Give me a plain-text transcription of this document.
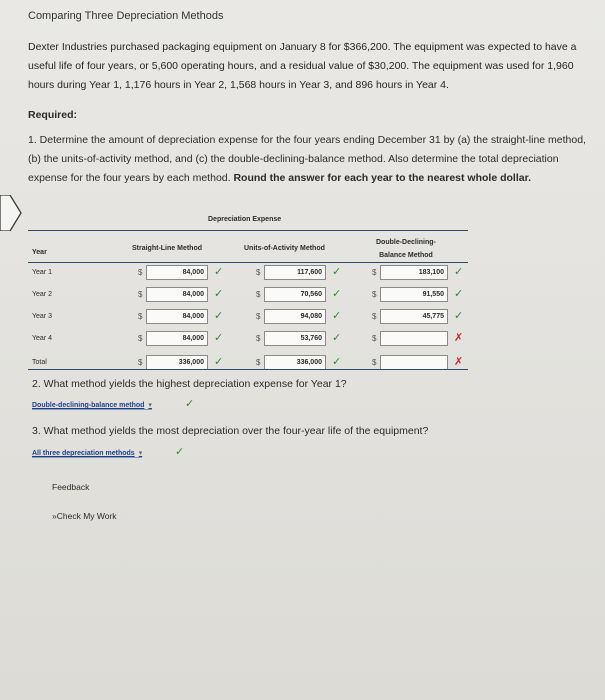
Comparing Three Depreciation Methods
Dexter Industries purchased packaging equipment on January 8 for $366,200. The equipment was expected to have a useful life of four years, or 5,600 operating hours, and a residual value of $30,200. The equipment was used for 1,960 hours during Year 1, 1,176 hours in Year 2, 1,568 hours in Year 3, and 896 hours in Year 4.
Required:
1. Determine the amount of depreciation expense for the four years ending December 31 by (a) the straight-line method, (b) the units-of-activity method, and (c) the double-declining-balance method. Also determine the total depreciation expense for the four years by each method. Round the answer for each year to the nearest whole dollar.
Depreciation Expense
Year
Straight-Line Method	Units-of-Activity Method
Double-Declining-
Balance Method
Year 1	$	84,000 ✓	$	117,600 ✓	$	183,100 ✓
Year 2	$	84,000 ✓	$	70,560 ✓	$	91,550 ✓
Year 3	$	84,000 ✓	$	94,080 ✓	$	45,775 ✓
Year 4	$	84,000 ✓	$	53,760 ✓	$	✗
Total	$	336,000 ✓	$	336,000 ✓	$	✗
2. What method yields the highest depreciation expense for Year 1?
Double-declining-balance method ▾	✓
3. What method yields the most depreciation over the four-year life of the equipment?
All three depreciation methods ▾	✓
Feedback
»Check My Work
